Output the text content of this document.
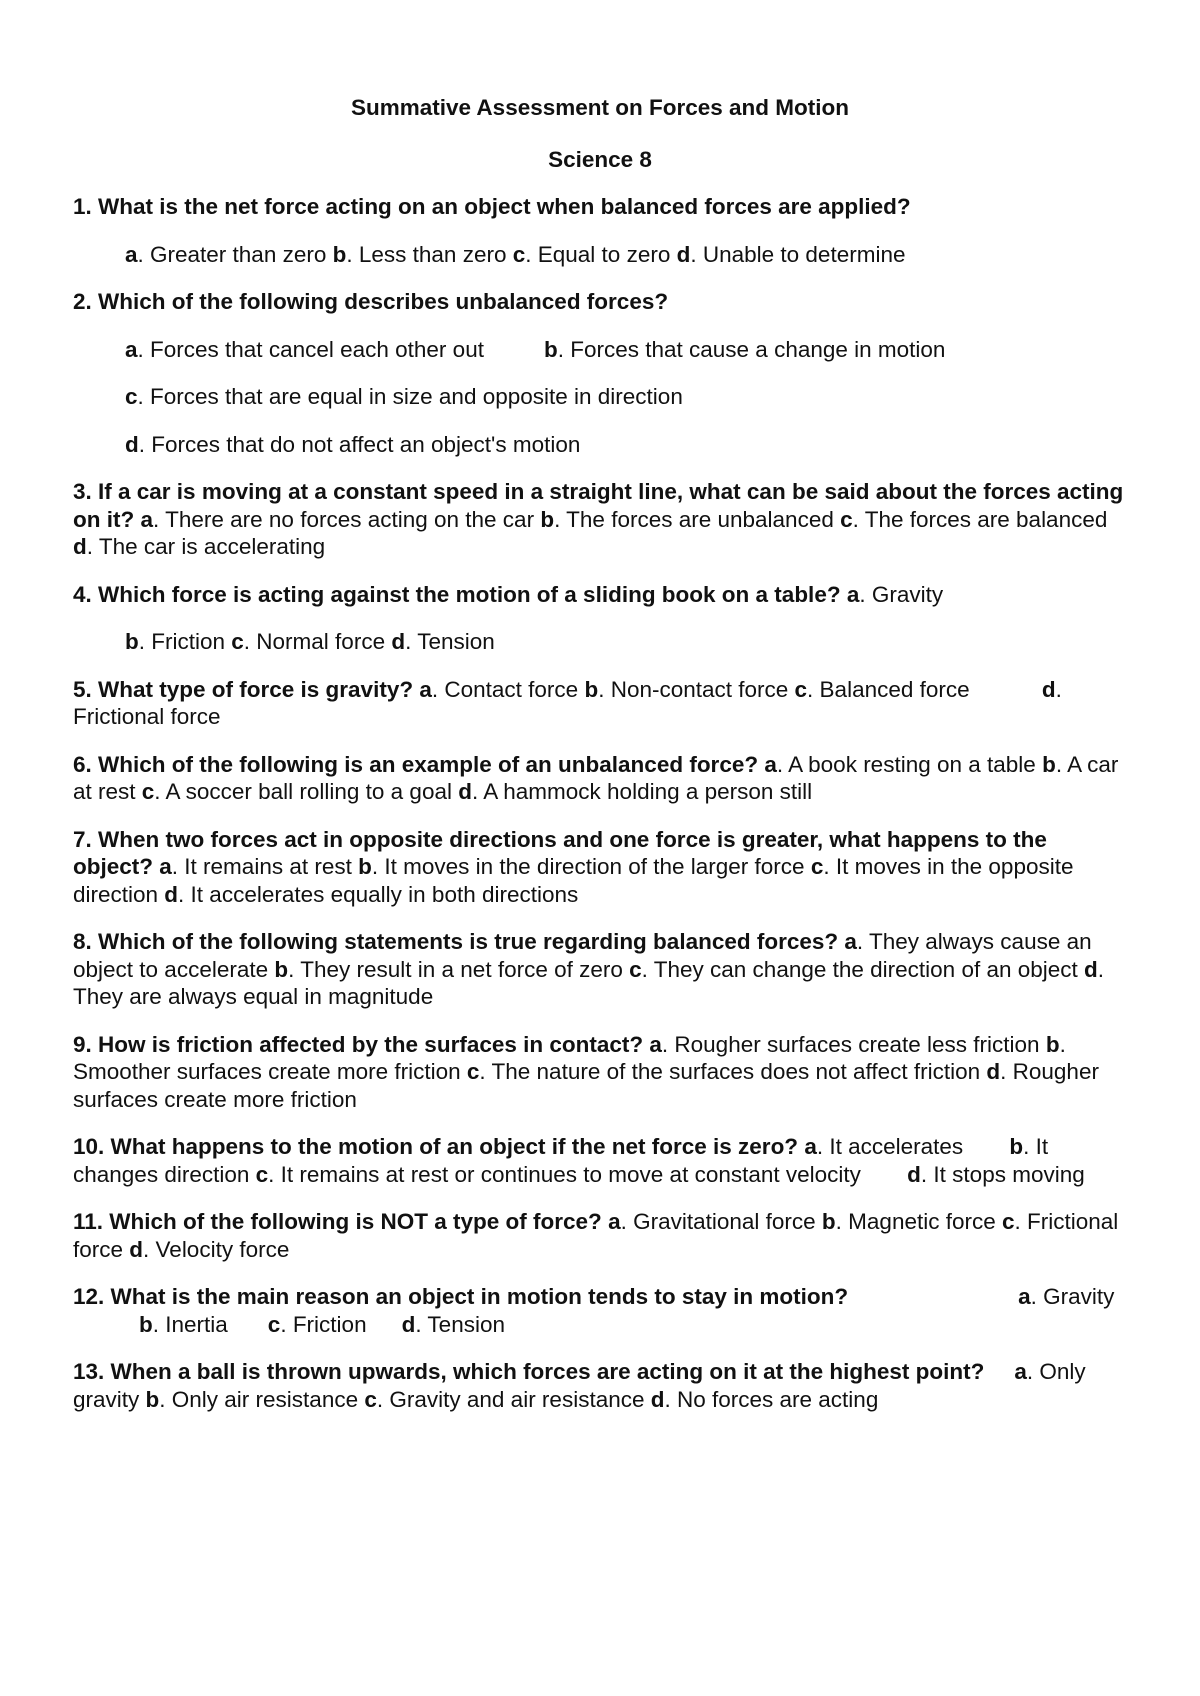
Summative Assessment on Forces and Motion

Science 8

1. What is the net force acting on an object when balanced forces are applied?

a. Greater than zero b. Less than zero c. Equal to zero d. Unable to determine

2. Which of the following describes unbalanced forces?

a. Forces that cancel each other out	b. Forces that cause a change in motion

c. Forces that are equal in size and opposite in direction

d. Forces that do not affect an object's motion

3. If a car is moving at a constant speed in a straight line, what can be said about the forces acting on it? a. There are no forces acting on the car b. The forces are unbalanced c. The forces are balanced d. The car is accelerating

4. Which force is acting against the motion of a sliding book on a table? a. Gravity

b. Friction c. Normal force d. Tension

5. What type of force is gravity? a. Contact force b. Non-contact force c. Balanced force	d. Frictional force

6. Which of the following is an example of an unbalanced force? a. A book resting on a table b. A car at rest c. A soccer ball rolling to a goal d. A hammock holding a person still

7. When two forces act in opposite directions and one force is greater, what happens to the object? a. It remains at rest b. It moves in the direction of the larger force c. It moves in the opposite direction d. It accelerates equally in both directions

8. Which of the following statements is true regarding balanced forces? a. They always cause an object to accelerate b. They result in a net force of zero c. They can change the direction of an object d. They are always equal in magnitude

9. How is friction affected by the surfaces in contact? a. Rougher surfaces create less friction b. Smoother surfaces create more friction c. The nature of the surfaces does not affect friction d. Rougher surfaces create more friction

10. What happens to the motion of an object if the net force is zero? a. It accelerates b. It changes direction c. It remains at rest or continues to move at constant velocity d. It stops moving

11. Which of the following is NOT a type of force? a. Gravitational force b. Magnetic force c. Frictional force d. Velocity force

12. What is the main reason an object in motion tends to stay in motion?	a. Gravityb. Inertia c. Friction d. Tension

13. When a ball is thrown upwards, which forces are acting on it at the highest point? a. Only gravity b. Only air resistance c. Gravity and air resistance d. No forces are acting
